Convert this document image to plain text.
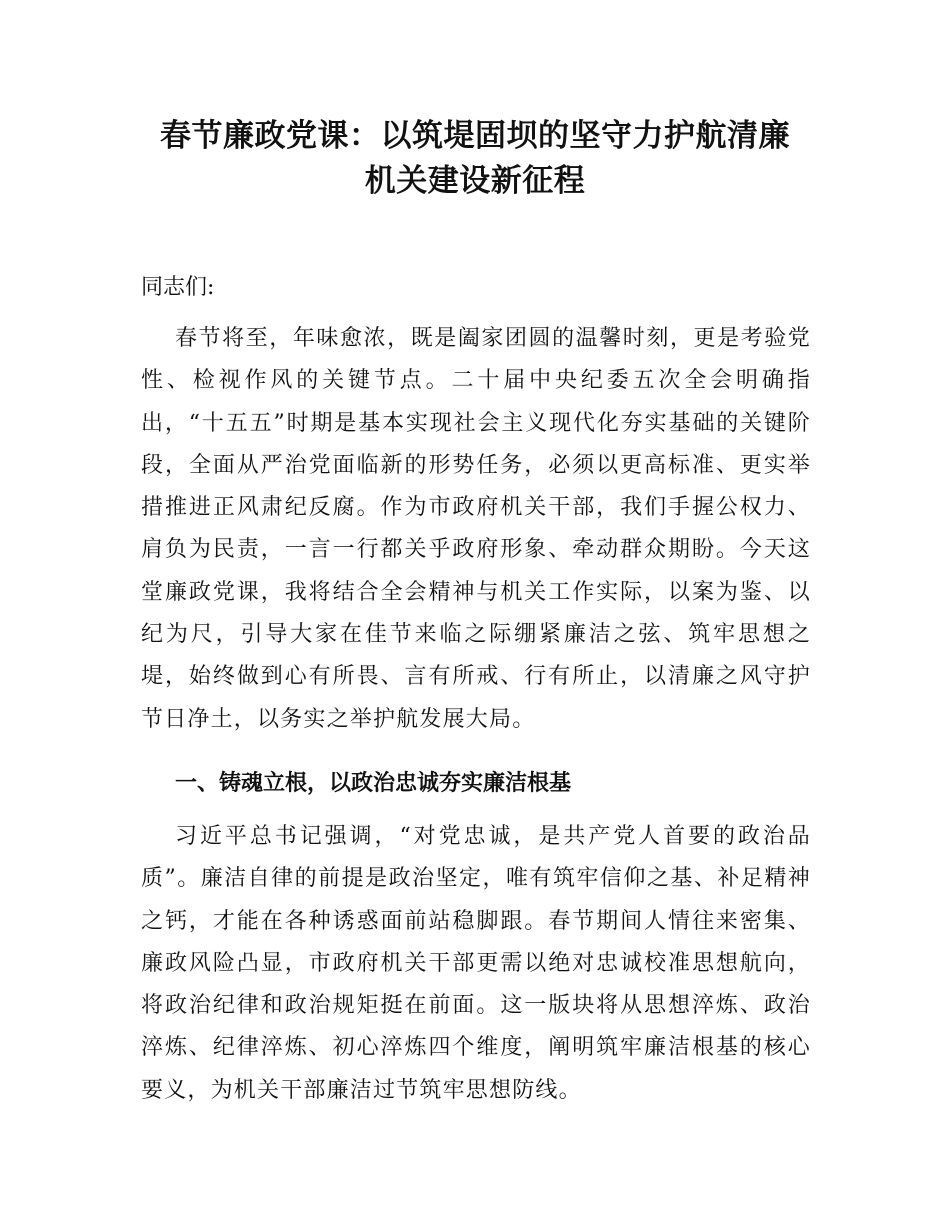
春节廉政党课：以筑堤固坝的坚守力护航清廉
机关建设新征程

同志们:

春节将至，年味愈浓，既是阖家团圆的温馨时刻，更是考验党性、检视作风的关键节点。二十届中央纪委五次全会明确指出，“十五五”时期是基本实现社会主义现代化夯实基础的关键阶段，全面从严治党面临新的形势任务，必须以更高标准、更实举措推进正风肃纪反腐。作为市政府机关干部，我们手握公权力、肩负为民责，一言一行都关乎政府形象、牵动群众期盼。今天这堂廉政党课，我将结合全会精神与机关工作实际，以案为鉴、以纪为尺，引导大家在佳节来临之际绷紧廉洁之弦、筑牢思想之堤，始终做到心有所畏、言有所戒、行有所止，以清廉之风守护节日净土，以务实之举护航发展大局。

一、铸魂立根，以政治忠诚夯实廉洁根基

习近平总书记强调，“对党忠诚，是共产党人首要的政治品质”。廉洁自律的前提是政治坚定，唯有筑牢信仰之基、补足精神之钙，才能在各种诱惑面前站稳脚跟。春节期间人情往来密集、廉政风险凸显，市政府机关干部更需以绝对忠诚校准思想航向，将政治纪律和政治规矩挺在前面。这一版块将从思想淬炼、政治淬炼、纪律淬炼、初心淬炼四个维度，阐明筑牢廉洁根基的核心要义，为机关干部廉洁过节筑牢思想防线。
